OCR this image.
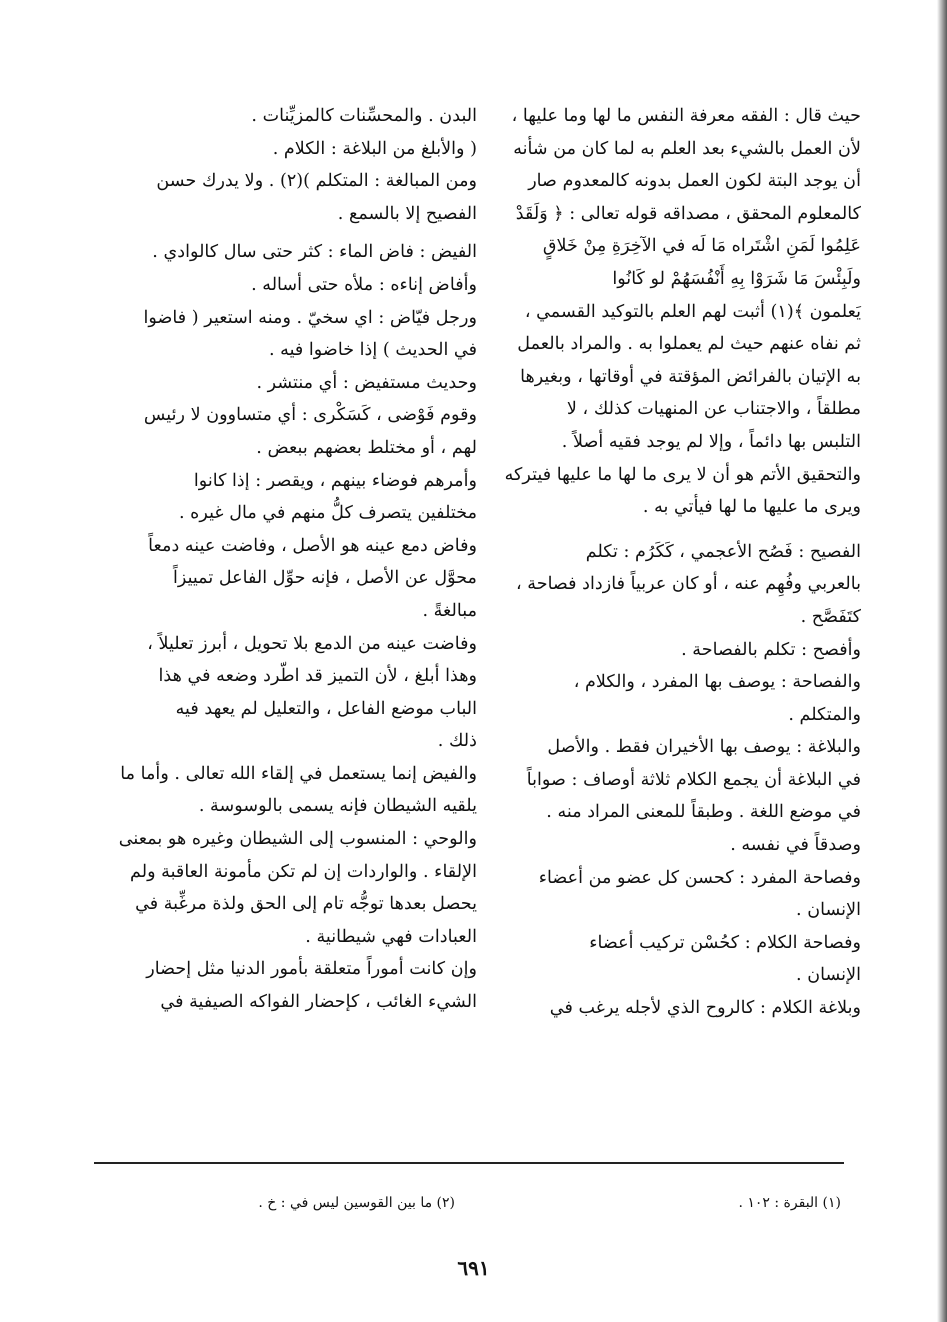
حيث قال : الفقه معرفة النفس ما لها وما عليها ،
لأن العمل بالشيء بعد العلم به لما كان من شأنه
أن يوجد البتة لكون العمل بدونه كالمعدوم صار
كالمعلوم المحقق ، مصداقه قوله تعالى : ﴿ وَلَقَدْ
عَلِمُوا لَمَنِ اشْتَراه مَا لَه في الآخِرَةِ مِنْ خَلاقٍ
ولَبِئْسَ مَا شَرَوْا بِهِ أَنْفُسَهُمْ لو كَانُوا
يَعلمون ﴾(١) أثبت لهم العلم بالتوكيد القسمي ،
ثم نفاه عنهم حيث لم يعملوا به . والمراد بالعمل
به الإتيان بالفرائض المؤقتة في أوقاتها ، وبغيرها
مطلقاً ، والاجتناب عن المنهيات كذلك ، لا
التلبس بها دائماً ، وإلا لم يوجد فقيه أصلاً .
والتحقيق الأتم هو أن لا يرى ما لها ما عليها فيتركه
ويرى ما عليها ما لها فيأتي به .

الفصيح : فَصُح الأعجمي ، كَكَرُم : تكلم
بالعربي وفُهِم عنه ، أو كان عربياً فازداد فصاحة ،
كتَفَصَّح .

وأفصح : تكلم بالفصاحة .

والفصاحة : يوصف بها المفرد ، والكلام ،
والمتكلم .

والبلاغة : يوصف بها الأخيران فقط . والأصل
في البلاغة أن يجمع الكلام ثلاثة أوصاف : صواباً
في موضع اللغة . وطبقاً للمعنى المراد منه .
وصدقاً في نفسه .

وفصاحة المفرد : كحسن كل عضو من أعضاء
الإنسان .

وفصاحة الكلام : كحُسْن تركيب أعضاء
الإنسان .

وبلاغة الكلام : كالروح الذي لأجله يرغب في

البدن . والمحسِّنات كالمزيِّنات .

( والأبلغ من البلاغة : الكلام .

ومن المبالغة : المتكلم )(٢) . ولا يدرك حسن
الفصيح إلا بالسمع .

الفيض : فاض الماء : كثر حتى سال كالوادي .

وأفاض إناءه : ملأه حتى أساله .

ورجل فيّاض : اي سخيّ . ومنه استعير ( فاضوا
في الحديث ) إذا خاضوا فيه .

وحديث مستفيض : أي منتشر .

وقوم فَوْضى ، كَسَكْرى : أي متساوون لا رئيس
لهم ، أو مختلط بعضهم ببعض .

وأمرهم فوضاء بينهم ، ويقصر : إذا كانوا
مختلفين يتصرف كلُّ منهم في مال غيره .

وفاض دمع عينه هو الأصل ، وفاضت عينه دمعاً
محوَّل عن الأصل ، فإنه حوِّل الفاعل تمييزاً
مبالغةً .

وفاضت عينه من الدمع بلا تحويل ، أبرز تعليلاً ،
وهذا أبلغ ، لأن التميز قد اطّرد وضعه في هذا
الباب موضع الفاعل ، والتعليل لم يعهد فيه
ذلك .

والفيض إنما يستعمل في إلقاء الله تعالى . وأما ما
يلقيه الشيطان فإنه يسمى بالوسوسة .

والوحي : المنسوب إلى الشيطان وغيره هو بمعنى
الإلقاء . والواردات إن لم تكن مأمونة العاقبة ولم
يحصل بعدها توجُّه تام إلى الحق ولذة مرغِّبة في
العبادات فهي شيطانية .

وإن كانت أموراً متعلقة بأمور الدنيا مثل إحضار
الشيء الغائب ، كإحضار الفواكه الصيفية في

(١) البقرة : ١٠٢ .
(٢) ما بين القوسين ليس في : خ .
٦٩١
